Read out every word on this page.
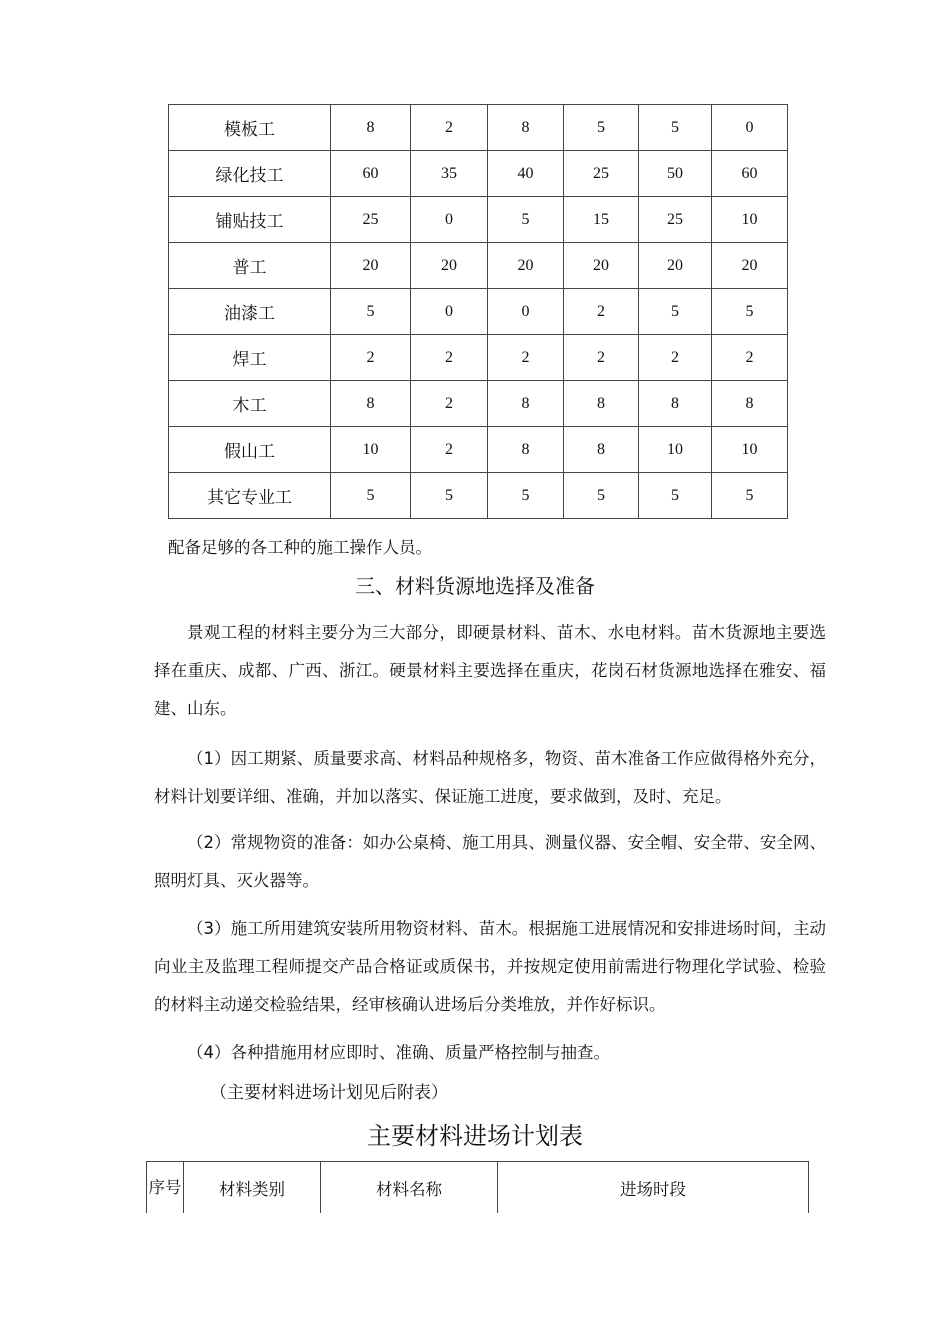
模板工	8	2	8	5	5	0
绿化技工	60	35	40	25	50	60
铺贴技工	25	0	5	15	25	10
普工	20	20	20	20	20	20
油漆工	5	0	0	2	5	5
焊工	2	2	2	2	2	2
木工	8	2	8	8	8	8
假山工	10	2	8	8	10	10
其它专业工	5	5	5	5	5	5
配备足够的各工种的施工操作人员。
三、材料货源地选择及准备

景观工程的材料主要分为三大部分，即硬景材料、苗木、水电材料。苗木货源地主要选择在重庆、成都、广西、浙江。硬景材料主要选择在重庆，花岗石材货源地选择在雅安、福建、山东。

（1）因工期紧、质量要求高、材料品种规格多，物资、苗木准备工作应做得格外充分，材料计划要详细、准确，并加以落实、保证施工进度，要求做到，及时、充足。

（2）常规物资的准备：如办公桌椅、施工用具、测量仪器、安全帽、安全带、安全网、照明灯具、灭火器等。

（3）施工所用建筑安装所用物资材料、苗木。根据施工进展情况和安排进场时间，主动向业主及监理工程师提交产品合格证或质保书，并按规定使用前需进行物理化学试验、检验的材料主动递交检验结果，经审核确认进场后分类堆放，并作好标识。

（4）各种措施用材应即时、准确、质量严格控制与抽查。

（主要材料进场计划见后附表）
主要材料进场计划表
序号	材料类别	材料名称	进场时段
